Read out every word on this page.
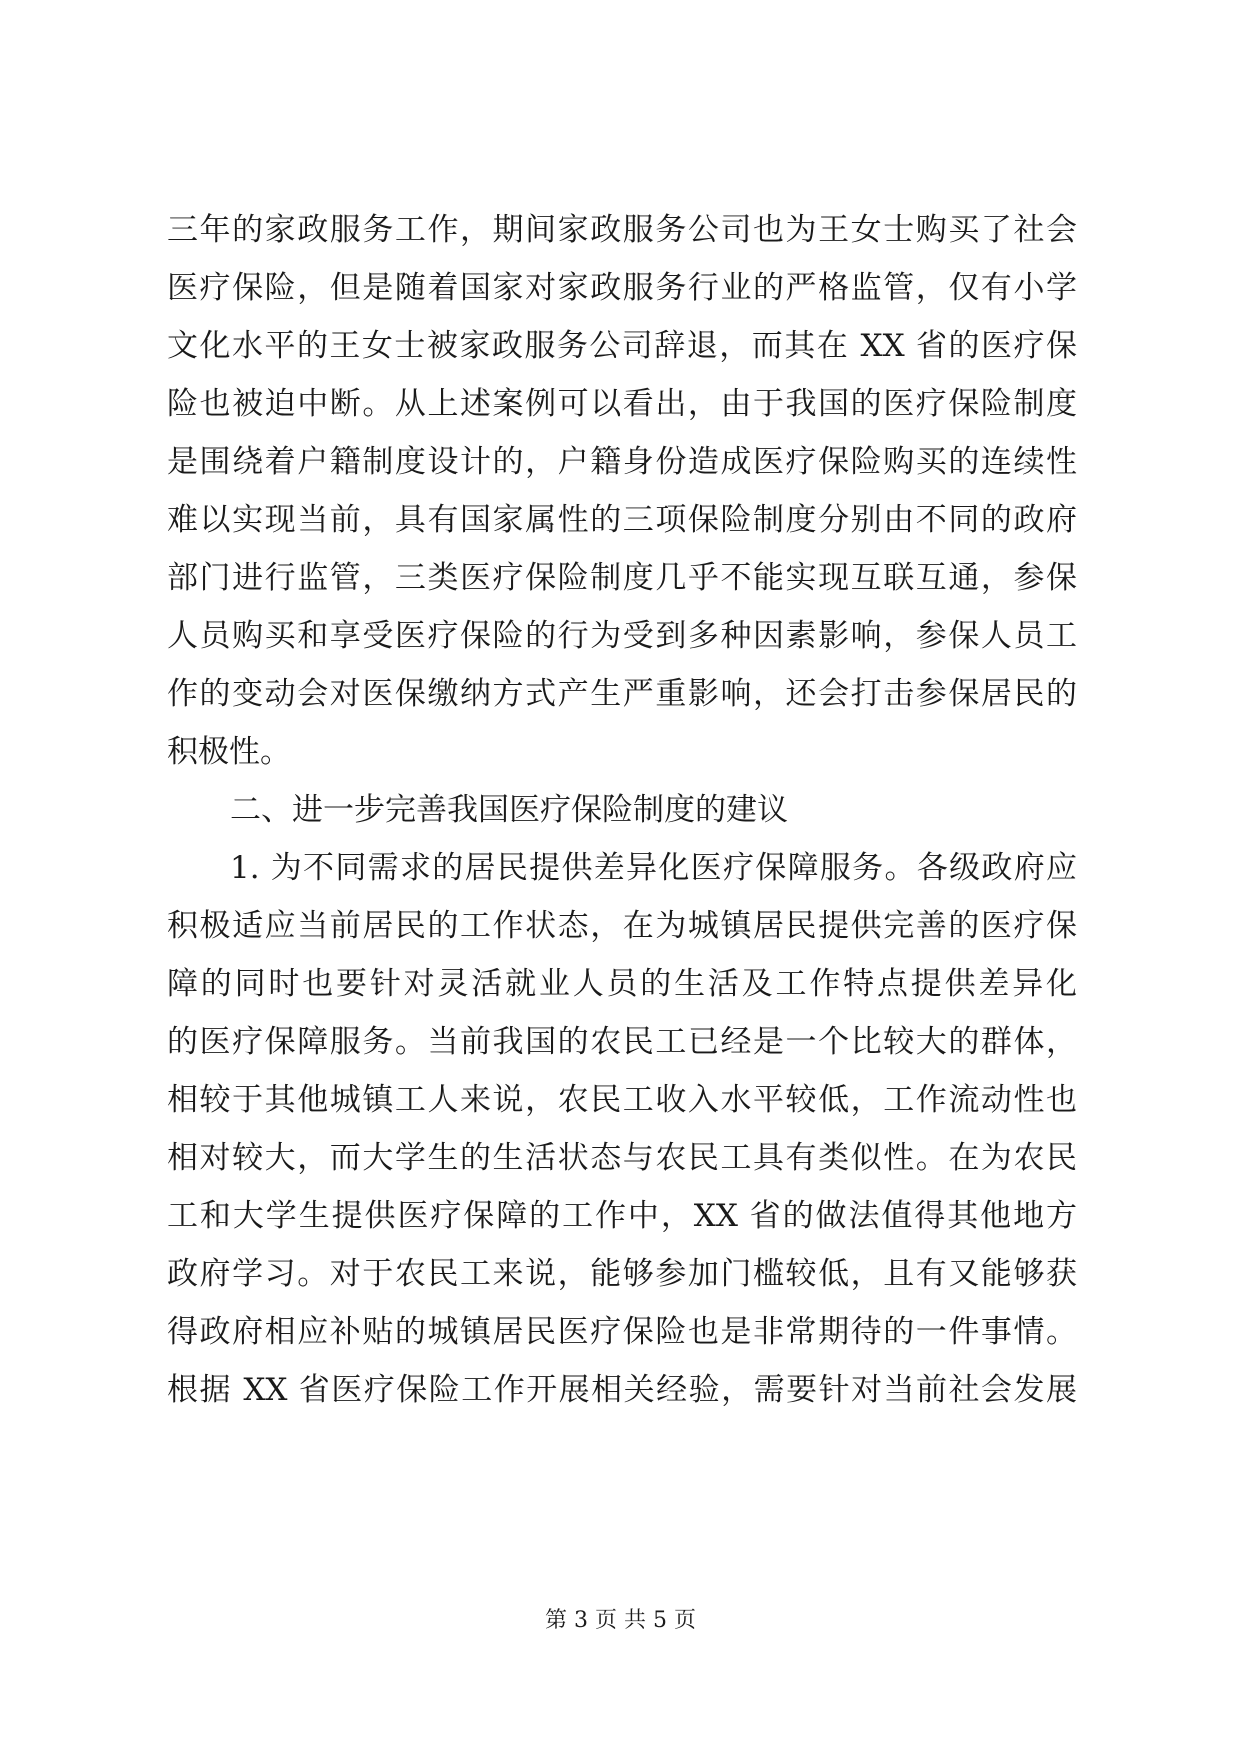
三年的家政服务工作，期间家政服务公司也为王女士购买了社会
医疗保险，但是随着国家对家政服务行业的严格监管，仅有小学
文化水平的王女士被家政服务公司辞退，而其在 XX 省的医疗保
险也被迫中断。从上述案例可以看出，由于我国的医疗保险制度
是围绕着户籍制度设计的，户籍身份造成医疗保险购买的连续性
难以实现当前，具有国家属性的三项保险制度分别由不同的政府
部门进行监管，三类医疗保险制度几乎不能实现互联互通，参保
人员购买和享受医疗保险的行为受到多种因素影响，参保人员工
作的变动会对医保缴纳方式产生严重影响，还会打击参保居民的
积极性。
二、进一步完善我国医疗保险制度的建议
1. 为不同需求的居民提供差异化医疗保障服务。各级政府应
积极适应当前居民的工作状态，在为城镇居民提供完善的医疗保
障的同时也要针对灵活就业人员的生活及工作特点提供差异化
的医疗保障服务。当前我国的农民工已经是一个比较大的群体，
相较于其他城镇工人来说，农民工收入水平较低，工作流动性也
相对较大，而大学生的生活状态与农民工具有类似性。在为农民
工和大学生提供医疗保障的工作中，XX 省的做法值得其他地方
政府学习。对于农民工来说，能够参加门槛较低，且有又能够获
得政府相应补贴的城镇居民医疗保险也是非常期待的一件事情。
根据 XX 省医疗保险工作开展相关经验，需要针对当前社会发展
第 3 页 共 5 页
